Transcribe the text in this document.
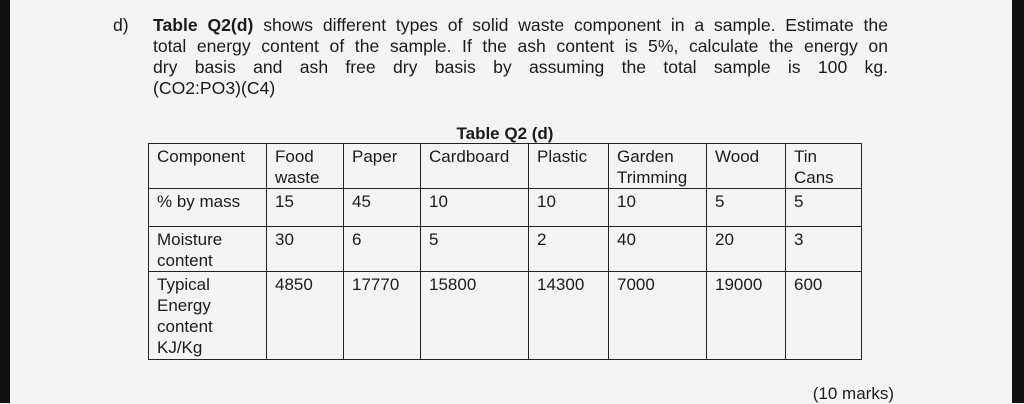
d) Table Q2(d) shows different types of solid waste component in a sample. Estimate the
total energy content of the sample. If the ash content is 5%, calculate the energy on
dry basis and ash free dry basis by assuming the total sample is 100 kg.
(CO2:PO3)(C4)
Table Q2 (d)
Component	Food waste	Paper	Cardboard	Plastic	Garden Trimming	Wood	Tin Cans
% by mass	15	45	10	10	10	5	5
Moisture content	30	6	5	2	40	20	3
Typical Energy content KJ/Kg	4850	17770	15800	14300	7000	19000	600
(10 marks)
